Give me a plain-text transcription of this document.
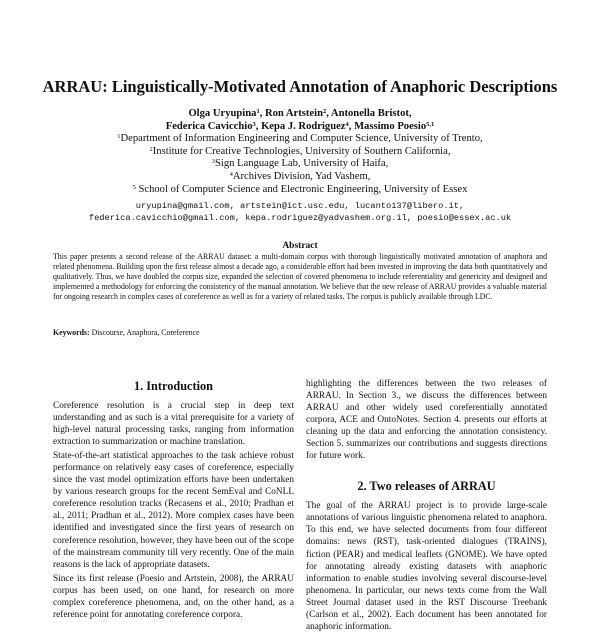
ARRAU: Linguistically-Motivated Annotation of Anaphoric Descriptions
Olga Uryupina$^1$, Ron Artstein$^2$, Antonella Bristot,
Federica Cavicchio$^3$, Kepa J. Rodriguez$^4$, Massimo Poesio$^{5,1}$
$^1$Department of Information Engineering and Computer Science, University of Trento,
$^2$Institute for Creative Technologies, University of Southern California,
$^3$Sign Language Lab, University of Haifa,
$^4$Archives Division, Yad Vashem,
$^5$ School of Computer Science and Electronic Engineering, University of Essex
uryupina@gmail.com, artstein@ict.usc.edu, lucanto137@libero.it,
federica.cavicchio@gmail.com, kepa.rodriguez@yadvashem.org.il, poesio@essex.ac.uk
Abstract
This paper presents a second release of the ARRAU dataset: a multi-domain corpus with thorough linguistically motivated annotation of anaphora and related phenomena. Building upon the first release almost a decade ago, a considerable effort had been invested in improving the data both quantitatively and qualitatively. Thus, we have doubled the corpus size, expanded the selection of covered phenomena to include referentiality and genericity and designed and implemented a methodology for enforcing the consistency of the manual annotation. We believe that the new release of ARRAU provides a valuable material for ongoing research in complex cases of coreference as well as for a variety of related tasks. The corpus is publicly available through LDC.
Keywords: Discourse, Anaphora, Coreference
1. Introduction

Coreference resolution is a crucial step in deep text understanding and as such is a vital prerequisite for a variety of high-level natural processing tasks, ranging from information extraction to summarization or machine translation.

State-of-the-art statistical approaches to the task achieve robust performance on relatively easy cases of coreference, especially since the vast model optimization efforts have been undertaken by various research groups for the recent SemEval and CoNLL coreference resolution tracks (Recasens et al., 2010; Pradhan et al., 2011; Pradhan et al., 2012). More complex cases have been identified and investigated since the first years of research on coreference resolution, however, they have been out of the scope of the mainstream community till very recently. One of the main reasons is the lack of appropriate datasets.

Since its first release (Poesio and Artstein, 2008), the ARRAU corpus has been used, on one hand, for research on more complex coreference phenomena, and, on the other hand, as a reference point for annotating coreference corpora.

highlighting the differences between the two releases of ARRAU. In Section 3., we discuss the differences between ARRAU and other widely used coreferentially annotated corpora, ACE and OntoNotes. Section 4. presents our efforts at cleaning up the data and enforcing the annotation consistency. Section 5. summarizes our contributions and suggests directions for future work.

2. Two releases of ARRAU

The goal of the ARRAU project is to provide large-scale annotations of various linguistic phenomena related to anaphora. To this end, we have selected documents from four different domains: news (RST), task-oriented dialogues (TRAINS), fiction (PEAR) and medical leaflets (GNOME). We have opted for annotating already existing datasets with anaphoric information to enable studies involving several discourse-level phenomena. In particular, our news texts come from the Wall Street Journal dataset used in the RST Discourse Treebank (Carlson et al., 2002). Each document has been annotated for anaphoric information.
